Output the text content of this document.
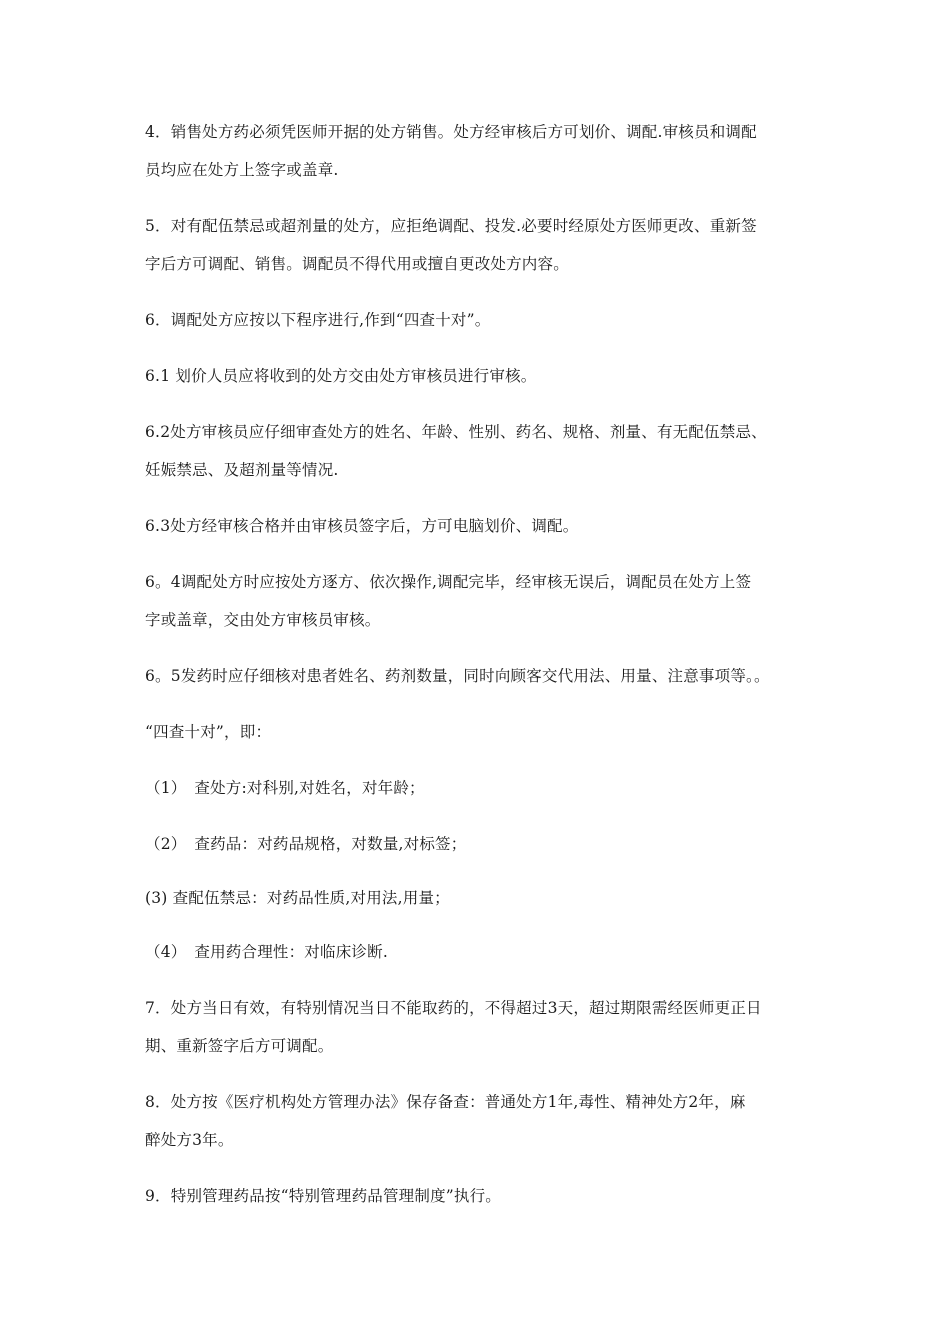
4．销售处方药必须凭医师开据的处方销售。处方经审核后方可划价、调配.审核员和调配
员均应在处方上签字或盖章.
5．对有配伍禁忌或超剂量的处方，应拒绝调配、投发.必要时经原处方医师更改、重新签
字后方可调配、销售。调配员不得代用或擅自更改处方内容。
6．调配处方应按以下程序进行,作到“四查十对”。
6.1 划价人员应将收到的处方交由处方审核员进行审核。
6.2处方审核员应仔细审查处方的姓名、年龄、性别、药名、规格、剂量、有无配伍禁忌、
妊娠禁忌、及超剂量等情况.
6.3处方经审核合格并由审核员签字后，方可电脑划价、调配。
6。4调配处方时应按处方逐方、依次操作,调配完毕，经审核无误后，调配员在处方上签
字或盖章，交由处方审核员审核。
6。5发药时应仔细核对患者姓名、药剂数量，同时向顾客交代用法、用量、注意事项等。。
“四查十对”，即：
（1）　查处方:对科别,对姓名，对年龄；
（2）　查药品：对药品规格，对数量,对标签；
(3) 查配伍禁忌：对药品性质,对用法,用量；
（4）　查用药合理性：对临床诊断.
7．处方当日有效，有特别情况当日不能取药的，不得超过3天，超过期限需经医师更正日
期、重新签字后方可调配。
8．处方按《医疗机构处方管理办法》保存备查：普通处方1年,毒性、精神处方2年，麻
醉处方3年。
9．特别管理药品按“特别管理药品管理制度”执行。
